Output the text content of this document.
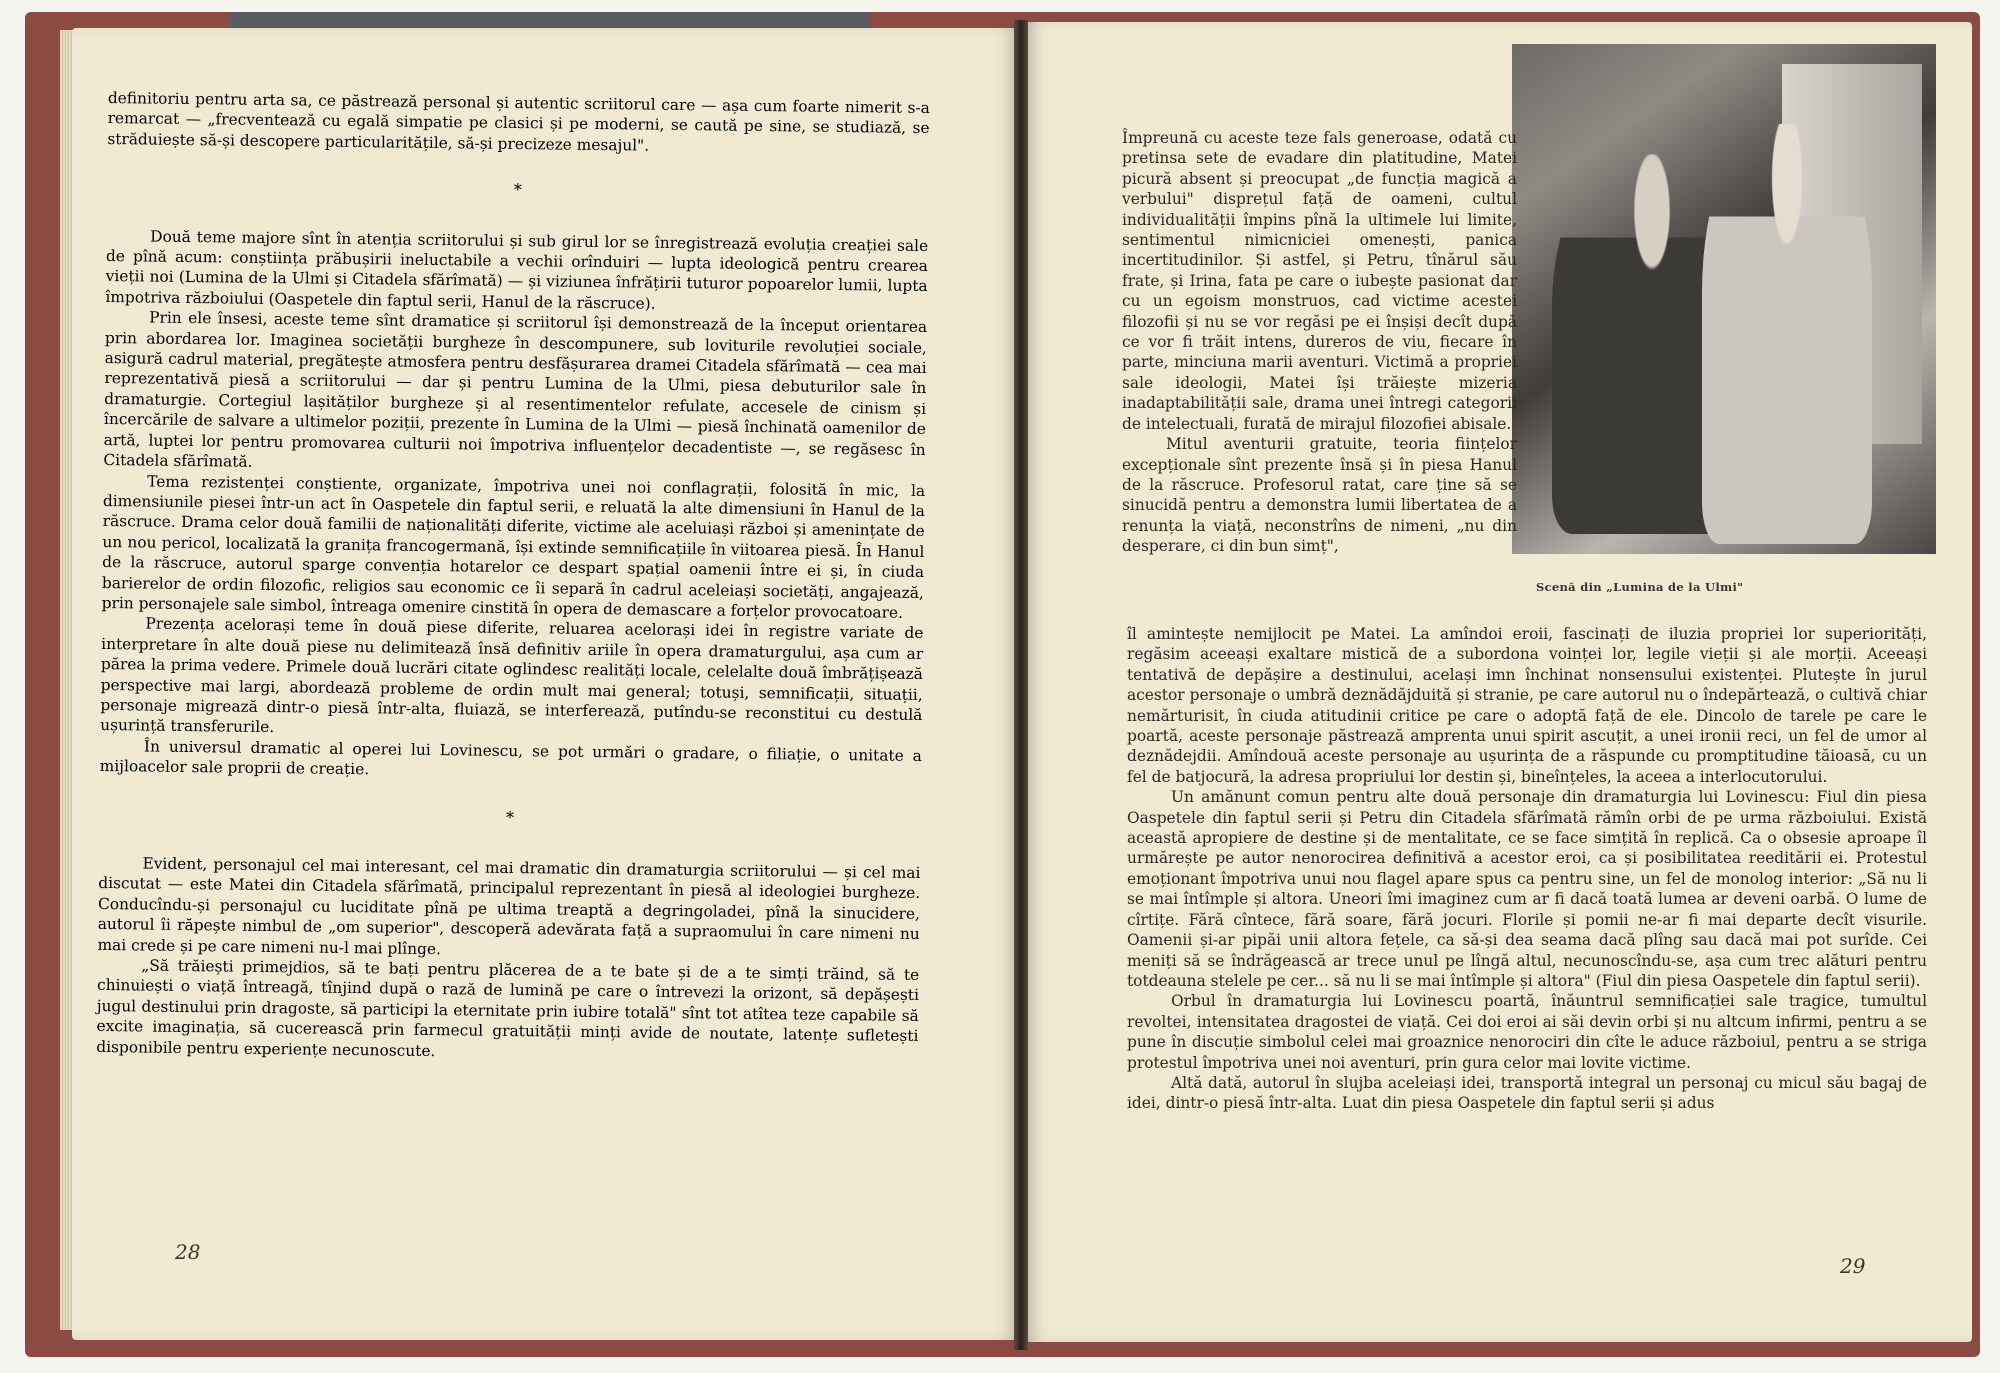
definitoriu pentru arta sa, ce păstrează personal și autentic scriitorul care — așa cum foarte nimerit s-a remarcat — „frecventează cu egală simpatie pe clasici și pe moderni, se caută pe sine, se studiază, se străduiește să-și descopere particularitățile, să-și precizeze mesajul".

*

Două teme majore sînt în atenția scriitorului și sub girul lor se înregistrează evoluția creației sale de pînă acum: conștiința prăbușirii ineluctabile a vechii orînduiri — lupta ideologică pentru crearea vieții noi (Lumina de la Ulmi și Citadela sfărîmată) — și viziunea înfrățirii tuturor popoarelor lumii, lupta împotriva războiului (Oaspetele din faptul serii, Hanul de la răscruce).

Prin ele însesi, aceste teme sînt dramatice și scriitorul își demonstrează de la început orientarea prin abordarea lor. Imaginea societății burgheze în descompunere, sub loviturile revoluției sociale, asigură cadrul material, pregătește atmosfera pentru desfășurarea dramei Citadela sfărîmată — cea mai reprezentativă piesă a scriitorului — dar și pentru Lumina de la Ulmi, piesa debuturilor sale în dramaturgie. Cortegiul lașităților burgheze și al resentimentelor refulate, accesele de cinism și încercările de salvare a ultimelor poziții, prezente în Lumina de la Ulmi — piesă închinată oamenilor de artă, luptei lor pentru promovarea culturii noi împotriva influențelor decadentiste —, se regăsesc în Citadela sfărîmată.

Tema rezistenței conștiente, organizate, împotriva unei noi conflagrații, folosită în mic, la dimensiunile piesei într-un act în Oaspetele din faptul serii, e reluată la alte dimensiuni în Hanul de la răscruce. Drama celor două familii de naționalități diferite, victime ale aceluiași război și amenințate de un nou pericol, localizată la granița francogermană, își extinde semnificațiile în viitoarea piesă. În Hanul de la răscruce, autorul sparge convenția hotarelor ce despart spațial oamenii între ei și, în ciuda barierelor de ordin filozofic, religios sau economic ce îi separă în cadrul aceleiași societăți, angajează, prin personajele sale simbol, întreaga omenire cinstită în opera de demascare a forțelor provocatoare.

Prezența acelorași teme în două piese diferite, reluarea acelorași idei în registre variate de interpretare în alte două piese nu delimitează însă definitiv ariile în opera dramaturgului, așa cum ar părea la prima vedere. Primele două lucrări citate oglindesc realități locale, celelalte două îmbrățișează perspective mai largi, abordează probleme de ordin mult mai general; totuși, semnificații, situații, personaje migrează dintr-o piesă într-alta, fluiază, se interferează, putîndu-se reconstitui cu destulă ușurință transferurile.

În universul dramatic al operei lui Lovinescu, se pot urmări o gradare, o filiație, o unitate a mijloacelor sale proprii de creație.

*

Evident, personajul cel mai interesant, cel mai dramatic din dramaturgia scriitorului — și cel mai discutat — este Matei din Citadela sfărîmată, principalul reprezentant în piesă al ideologiei burgheze. Conducîndu-și personajul cu luciditate pînă pe ultima treaptă a degringoladei, pînă la sinucidere, autorul îi răpește nimbul de „om superior", descoperă adevărata față a supraomului în care nimeni nu mai crede și pe care nimeni nu-l mai plînge.

„Să trăiești primejdios, să te bați pentru plăcerea de a te bate și de a te simți trăind, să te chinuiești o viață întreagă, tînjind după o rază de lumină pe care o întrevezi la orizont, să depășești jugul destinului prin dragoste, să participi la eternitate prin iubire totală" sînt tot atîtea teze capabile să excite imaginația, să cucerească prin farmecul gratuității minți avide de noutate, latențe sufletești disponibile pentru experiențe necunoscute.

28
Scenă din „Lumina de la Ulmi"

Împreună cu aceste teze fals generoase, odată cu pretinsa sete de evadare din platitudine, Matei picură absent și preocupat „de funcția magică a verbului" disprețul față de oameni, cultul individualității împins pînă la ultimele lui limite, sentimentul nimicniciei omenești, panica incertitudinilor. Și astfel, și Petru, tînărul său frate, și Irina, fata pe care o iubește pasionat dar cu un egoism monstruos, cad victime acestei filozofii și nu se vor regăsi pe ei înșiși decît după ce vor fi trăit intens, dureros de viu, fiecare în parte, minciuna marii aventuri. Victimă a propriei sale ideologii, Matei își trăiește mizeria inadaptabilității sale, drama unei întregi categorii de intelectuali, furată de mirajul filozofiei abisale.

Mitul aventurii gratuite, teoria ființelor excepționale sînt prezente însă și în piesa Hanul de la răscruce. Profesorul ratat, care ține să se sinucidă pentru a demonstra lumii libertatea de a renunța la viață, neconstrîns de nimeni, „nu din desperare, ci din bun simț",

îl amintește nemijlocit pe Matei. La amîndoi eroii, fascinați de iluzia propriei lor superiorități, regăsim aceeași exaltare mistică de a subordona voinței lor, legile vieții și ale morții. Aceeași tentativă de depășire a destinului, același imn închinat nonsensului existenței. Plutește în jurul acestor personaje o umbră deznădăjduită și stranie, pe care autorul nu o îndepărtează, o cultivă chiar nemărturisit, în ciuda atitudinii critice pe care o adoptă față de ele. Dincolo de tarele pe care le poartă, aceste personaje păstrează amprenta unui spirit ascuțit, a unei ironii reci, un fel de umor al deznădejdii. Amîndouă aceste personaje au ușurința de a răspunde cu promptitudine tăioasă, cu un fel de batjocură, la adresa propriului lor destin și, bineînțeles, la aceea a interlocutorului.

Un amănunt comun pentru alte două personaje din dramaturgia lui Lovinescu: Fiul din piesa Oaspetele din faptul serii și Petru din Citadela sfărîmată rămîn orbi de pe urma războiului. Există această apropiere de destine și de mentalitate, ce se face simțită în replică. Ca o obsesie aproape îl urmărește pe autor nenorocirea definitivă a acestor eroi, ca și posibilitatea reeditării ei. Protestul emoționant împotriva unui nou flagel apare spus ca pentru sine, un fel de monolog interior: „Să nu li se mai întîmple și altora. Uneori îmi imaginez cum ar fi dacă toată lumea ar deveni oarbă. O lume de cîrtițe. Fără cîntece, fără soare, fără jocuri. Florile și pomii ne-ar fi mai departe decît visurile. Oamenii și-ar pipăi unii altora fețele, ca să-și dea seama dacă plîng sau dacă mai pot surîde. Cei meniți să se îndrăgească ar trece unul pe lîngă altul, necunoscîndu-se, așa cum trec alături pentru totdeauna stelele pe cer... să nu li se mai întîmple și altora" (Fiul din piesa Oaspetele din faptul serii).

Orbul în dramaturgia lui Lovinescu poartă, înăuntrul semnificației sale tragice, tumultul revoltei, intensitatea dragostei de viață. Cei doi eroi ai săi devin orbi și nu altcum infirmi, pentru a se pune în discuție simbolul celei mai groaznice nenorociri din cîte le aduce războiul, pentru a se striga protestul împotriva unei noi aventuri, prin gura celor mai lovite victime.

Altă dată, autorul în slujba aceleiași idei, transportă integral un personaj cu micul său bagaj de idei, dintr-o piesă într-alta. Luat din piesa Oaspetele din faptul serii și adus

29
